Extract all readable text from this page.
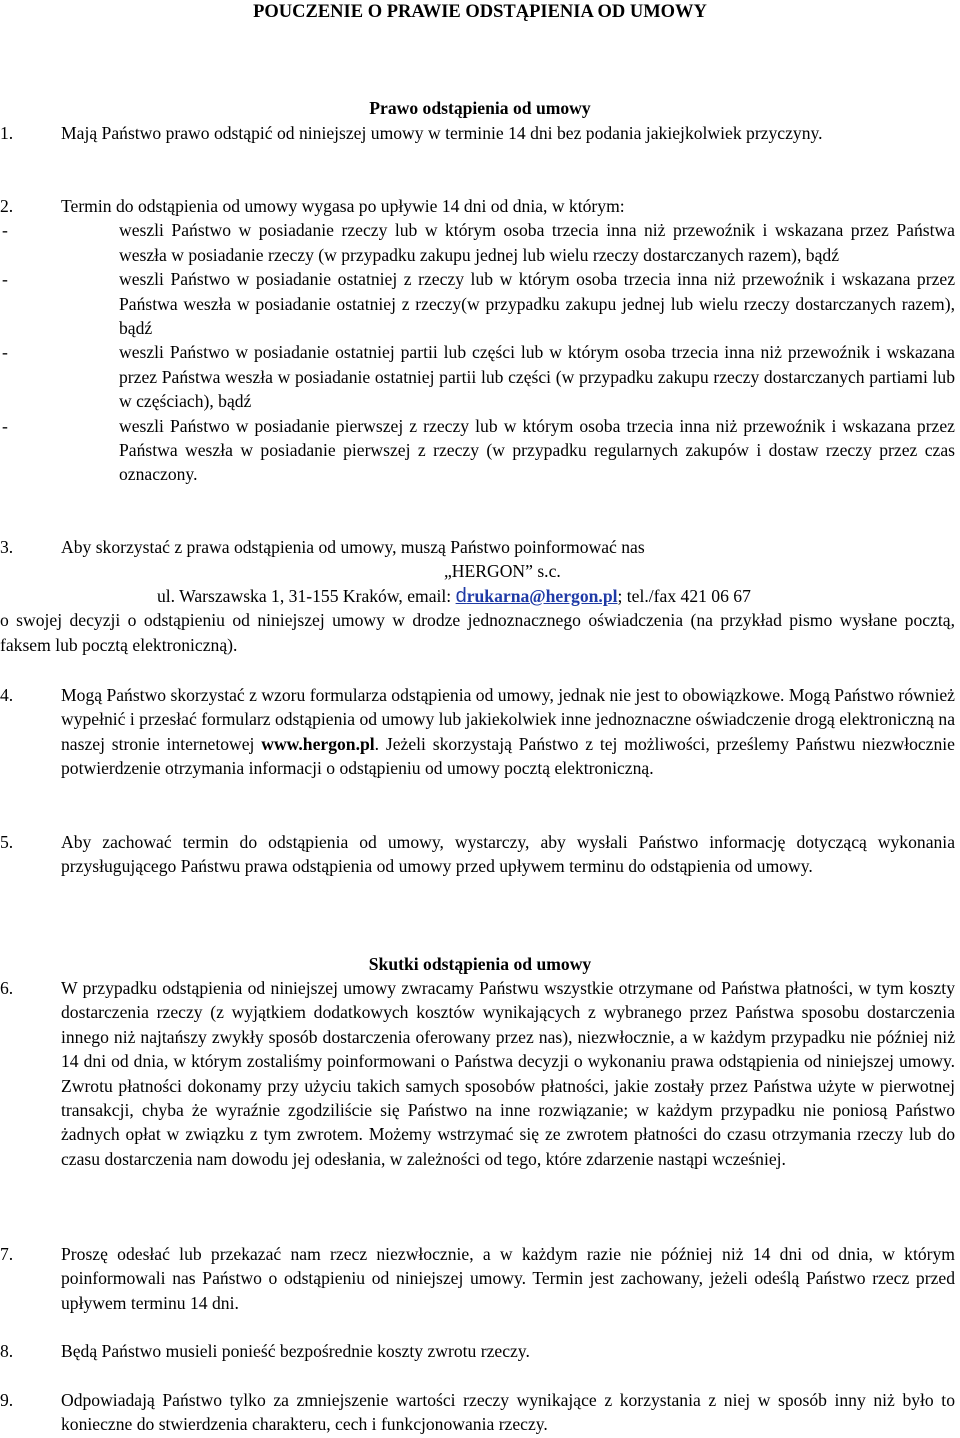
POUCZENIE O PRAWIE ODSTĄPIENIA OD UMOWY
Prawo odstąpienia od umowy
1.	Mają Państwo prawo odstąpić od niniejszej umowy w terminie 14 dni bez podania jakiejkolwiek przyczyny.
2.	Termin do odstąpienia od umowy wygasa po upływie 14 dni od dnia, w którym:
-	weszli Państwo w posiadanie rzeczy lub w którym osoba trzecia inna niż przewoźnik i wskazana przez Państwa weszła w posiadanie rzeczy (w przypadku zakupu jednej lub wielu rzeczy dostarczanych razem), bądź
-	weszli Państwo w posiadanie ostatniej z rzeczy lub w którym osoba trzecia inna niż przewoźnik i wskazana przez Państwa weszła w posiadanie ostatniej z rzeczy(w przypadku zakupu jednej lub wielu rzeczy dostarczanych razem), bądź
-	weszli Państwo w posiadanie ostatniej partii lub części lub w którym osoba trzecia inna niż przewoźnik i wskazana przez Państwa weszła w posiadanie ostatniej partii lub części (w przypadku zakupu rzeczy dostarczanych partiami lub w częściach), bądź
-	weszli Państwo w posiadanie pierwszej z rzeczy lub w którym osoba trzecia inna niż przewoźnik i wskazana przez Państwa weszła w posiadanie pierwszej z rzeczy (w przypadku regularnych zakupów i dostaw rzeczy przez czas oznaczony.
3.	Aby skorzystać z prawa odstąpienia od umowy, muszą Państwo poinformować nas
„HERGON” s.c.
ul. Warszawska 1, 31-155 Kraków, email: drukarna@hergon.pl; tel./fax 421 06 67
o swojej decyzji o odstąpieniu od niniejszej umowy w drodze jednoznacznego oświadczenia (na przykład pismo wysłane pocztą, faksem lub pocztą elektroniczną).
4.	Mogą Państwo skorzystać z wzoru formularza odstąpienia od umowy, jednak nie jest to obowiązkowe. Mogą Państwo również wypełnić i przesłać formularz odstąpienia od umowy lub jakiekolwiek inne jednoznaczne oświadczenie drogą elektroniczną na naszej stronie internetowej www.hergon.pl. Jeżeli skorzystają Państwo z tej możliwości, prześlemy Państwu niezwłocznie potwierdzenie otrzymania informacji o odstąpieniu od umowy pocztą elektroniczną.
5.	Aby zachować termin do odstąpienia od umowy, wystarczy, aby wysłali Państwo informację dotyczącą wykonania przysługującego Państwu prawa odstąpienia od umowy przed upływem terminu do odstąpienia od umowy.
Skutki odstąpienia od umowy
6.	W przypadku odstąpienia od niniejszej umowy zwracamy Państwu wszystkie otrzymane od Państwa płatności, w tym koszty dostarczenia rzeczy (z wyjątkiem dodatkowych kosztów wynikających z wybranego przez Państwa sposobu dostarczenia innego niż najtańszy zwykły sposób dostarczenia oferowany przez nas), niezwłocznie, a w każdym przypadku nie później niż 14 dni od dnia, w którym zostaliśmy poinformowani o Państwa decyzji o wykonaniu prawa odstąpienia od niniejszej umowy. Zwrotu płatności dokonamy przy użyciu takich samych sposobów płatności, jakie zostały przez Państwa użyte w pierwotnej transakcji, chyba że wyraźnie zgodziliście się Państwo na inne rozwiązanie; w każdym przypadku nie poniosą Państwo żadnych opłat w związku z tym zwrotem. Możemy wstrzymać się ze zwrotem płatności do czasu otrzymania rzeczy lub do czasu dostarczenia nam dowodu jej odesłania, w zależności od tego, które zdarzenie nastąpi wcześniej.
7.	Proszę odesłać lub przekazać nam rzecz niezwłocznie, a w każdym razie nie później niż 14 dni od dnia, w którym poinformowali nas Państwo o odstąpieniu od niniejszej umowy. Termin jest zachowany, jeżeli odeślą Państwo rzecz przed upływem terminu 14 dni.
8.	Będą Państwo musieli ponieść bezpośrednie koszty zwrotu rzeczy.
9.	Odpowiadają Państwo tylko za zmniejszenie wartości rzeczy wynikające z korzystania z niej w sposób inny niż było to konieczne do stwierdzenia charakteru, cech i funkcjonowania rzeczy.
